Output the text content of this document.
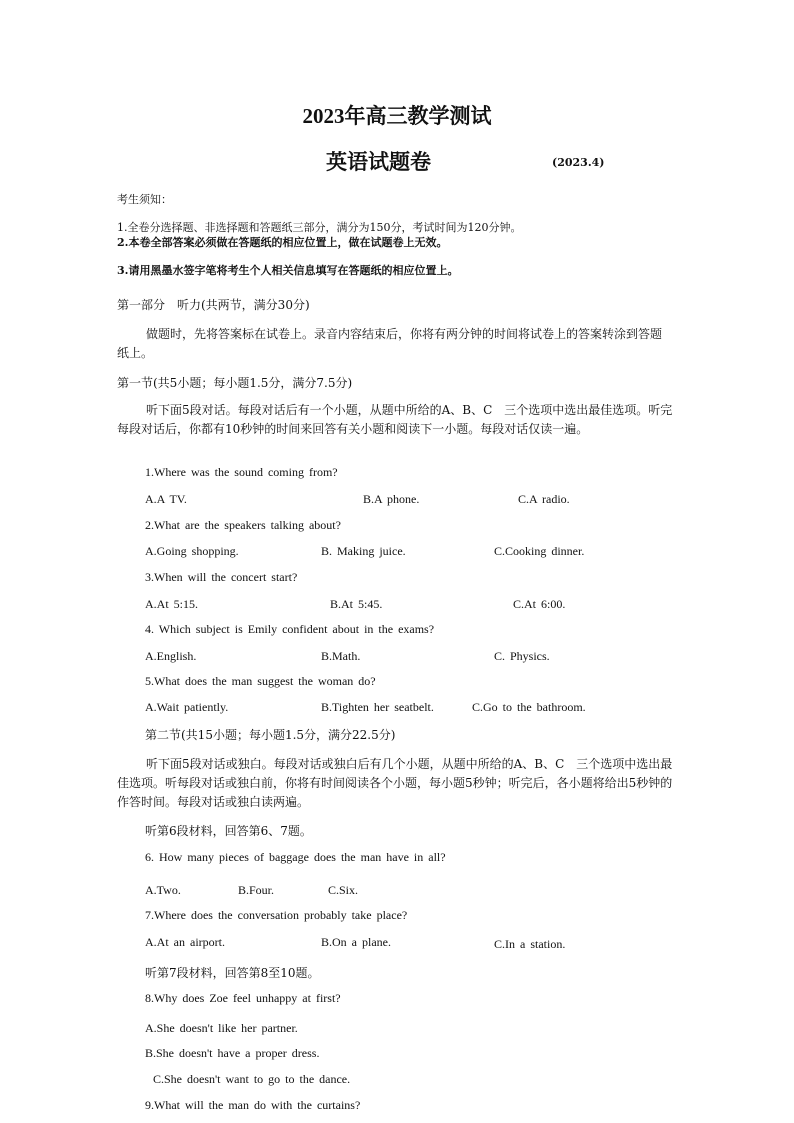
2023年高三教学测试
英语试题卷	(2023.4)
考生须知：
1.全卷分选择题、非选择题和答题纸三部分，满分为150分，考试时间为120分钟。
2.本卷全部答案必须做在答题纸的相应位置上，做在试题卷上无效。
3.请用黑墨水签字笔将考生个人相关信息填写在答题纸的相应位置上。
第一部分　听力(共两节，满分30分)
做题时，先将答案标在试卷上。录音内容结束后，你将有两分钟的时间将试卷上的答案转涂到答题纸上。
第一节(共5小题；每小题1.5分，满分7.5分)
听下面5段对话。每段对话后有一个小题，从题中所给的A、B、C　三个选项中选出最佳选项。听完每段对话后，你都有10秒钟的时间来回答有关小题和阅读下一小题。每段对话仅读一遍。
1.Where was the sound coming from?
A.A TV.	B.A phone.	C.A radio.
2.What are the speakers talking about?
A.Going shopping.	B. Making juice.	C.Cooking dinner.
3.When will the concert start?
A.At 5:15.	B.At 5:45.	C.At 6:00.
4. Which subject is Emily confident about in the exams?
A.English.	B.Math.	C. Physics.
5.What does the man suggest the woman do?
A.Wait patiently.	B.Tighten her seatbelt.	C.Go to the bathroom.
第二节(共15小题；每小题1.5分，满分22.5分)
听下面5段对话或独白。每段对话或独白后有几个小题，从题中所给的A、B、C　三个选项中选出最佳选项。听每段对话或独白前，你将有时间阅读各个小题，每小题5秒钟；听完后，各小题将给出5秒钟的作答时间。每段对话或独白读两遍。
听第6段材料，回答第6、7题。
6. How many pieces of baggage does the man have in all?
A.Two.	B.Four.	C.Six.
7.Where does the conversation probably take place?
A.At an airport.	B.On a plane.	C.In a station.
听第7段材料，回答第8至10题。
8.Why does Zoe feel unhappy at first?
A.She doesn't like her partner.
B.She doesn't have a proper dress.
C.She doesn't want to go to the dance.
9.What will the man do with the curtains?
